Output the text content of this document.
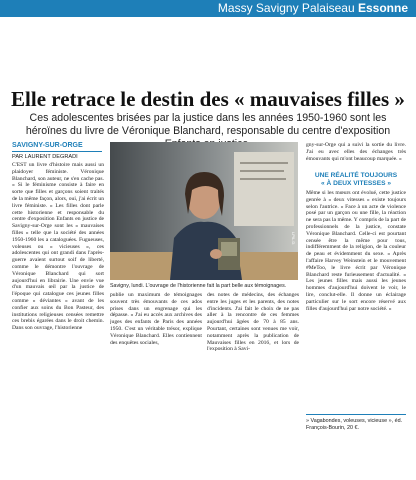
Massy Savigny Palaiseau Essonne
Elle retrace le destin des « mauvaises filles »
Ces adolescentes brisées par la justice dans les années 1950-1960 sont les héroïnes du livre de Véronique Blanchard, responsable du centre d'exposition
SAVIGNY-SUR-ORGE
PAR LAURENT DEGRADI
C'EST un livre d'histoire mais aussi un plaidoyer féministe. Véronique Blanchard, son auteur, ne s'en cache pas. « Si le féminisme consiste à faire en sorte que filles et garçons soient traités de la même façon, alors, oui, j'ai écrit un livre féministe. » Les filles dont parle cette historienne et responsable du centre d'exposition Enfants en justice de Savigny-sur-Orge sont les « mauvaises filles » telle que la société des années 1950-1960 les a cataloguées. Fugueuses, voleuses ou « vicieuses », ces adolescentes qui ont grandi dans l'après-guerre avaient surtout soif de liberté, comme le démontre l'ouvrage de Véronique Blanchard qui sort aujourd'hui en librairie. Une envie vue d'un mauvais œil par la justice de l'époque qui catalogue ces jeunes filles comme « déviantes » avant de les confier aux soins du Bon Pasteur, des institutions religieuses censées remettre ces brebis égarées dans le droit chemin. Dans son ouvrage, l'historienne
LP/L.D.
Savigny, lundi. L'ouvrage de l'historienne fait la part belle aux témoignages.
publie un maximum de témoignages souvent très émouvants de ces ados prises dans un engrenage qui les dépasse. « J'ai eu accès aux archives des juges des enfants de Paris des années 1950. C'est un véritable trésor, explique Véronique Blanchard. Elles contiennent des enquêtes sociales,
des notes de médecins, des échanges entre les juges et les parents, des notes d'incidents. J'ai fait le choix de ne pas aller à la rencontre de ces femmes aujourd'hui âgées de 70 à 85 ans. Pourtant, certaines sont venues me voir, notamment après la publication de Mauvaises filles en 2016, et lors de l'exposition à Savi-
gny-sur-Orge qui a suivi la sortie du livre. J'ai eu avec elles des échanges très émouvants qui m'ont beaucoup marquée. »
UNE RÉALITÉ TOUJOURS
« À DEUX VITESSES »
Même si les mœurs ont évolué, cette justice genrée à « deux vitesses » existe toujours selon l'autrice. « Face à un acte de violence posé par un garçon ou une fille, la réaction ne sera pas la même. Y compris de la part de professionnels de la justice, constate Véronique Blanchard. Celle-ci est pourtant censée être la même pour tous, indifféremment de la religion, de la couleur de peau et évidemment du sexe. » Après l'affaire Harvey Weinstein et le mouvement #MeToo, le livre écrit par Véronique Blanchard reste furieusement d'actualité. « Les jeunes filles mais aussi les jeunes hommes d'aujourd'hui doivent le voir, le lire, conclut-elle. Il donne un éclairage particulier sur le sort encore réservé aux filles d'aujourd'hui par notre société. »
» Vagabondes, voleuses, vicieuse », éd. François-Bourin, 20 €.
